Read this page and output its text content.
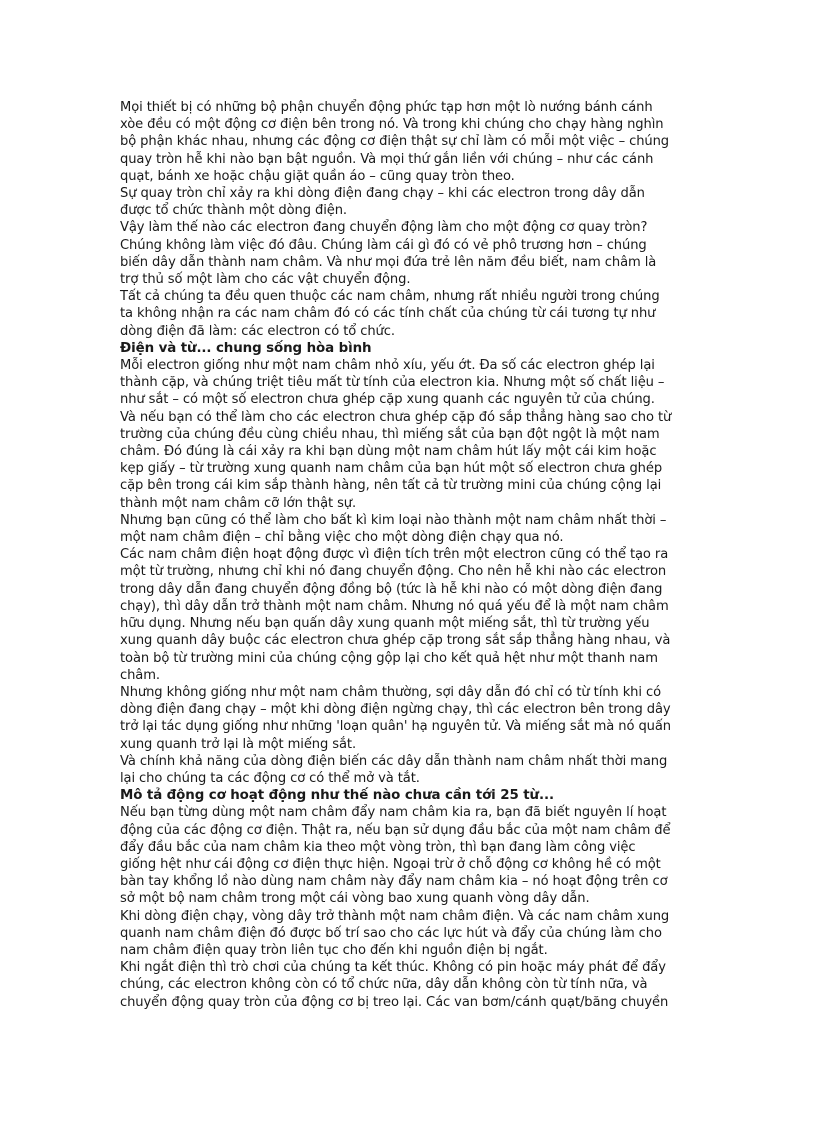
Mọi thiết bị có những bộ phận chuyển động phức tạp hơn một lò nướng bánh cánh
xòe đều có một động cơ điện bên trong nó. Và trong khi chúng cho chạy hàng nghìn
bộ phận khác nhau, nhưng các động cơ điện thật sự chỉ làm có mỗi một việc – chúng
quay tròn hễ khi nào bạn bật nguồn. Và mọi thứ gắn liền với chúng – như các cánh
quạt, bánh xe hoặc chậu giặt quần áo – cũng quay tròn theo.
Sự quay tròn chỉ xảy ra khi dòng điện đang chạy – khi các electron trong dây dẫn
được tổ chức thành một dòng điện.
Vậy làm thế nào các electron đang chuyển động làm cho một động cơ quay tròn?
Chúng không làm việc đó đâu. Chúng làm cái gì đó có vẻ phô trương hơn – chúng
biến dây dẫn thành nam châm. Và như mọi đứa trẻ lên năm đều biết, nam châm là
trợ thủ số một làm cho các vật chuyển động.
Tất cả chúng ta đều quen thuộc các nam châm, nhưng rất nhiều người trong chúng
ta không nhận ra các nam châm đó có các tính chất của chúng từ cái tương tự như
dòng điện đã làm: các electron có tổ chức.
Điện và từ... chung sống hòa bình
Mỗi electron giống như một nam châm nhỏ xíu, yếu ớt. Đa số các electron ghép lại
thành cặp, và chúng triệt tiêu mất từ tính của electron kia. Nhưng một số chất liệu –
như sắt – có một số electron chưa ghép cặp xung quanh các nguyên tử của chúng.
Và nếu bạn có thể làm cho các electron chưa ghép cặp đó sắp thẳng hàng sao cho từ
trường của chúng đều cùng chiều nhau, thì miếng sắt của bạn đột ngột là một nam
châm. Đó đúng là cái xảy ra khi bạn dùng một nam châm hút lấy một cái kim hoặc
kẹp giấy – từ trường xung quanh nam châm của bạn hút một số electron chưa ghép
cặp bên trong cái kim sắp thành hàng, nên tất cả từ trường mini của chúng cộng lại
thành một nam châm cỡ lớn thật sự.
Nhưng bạn cũng có thể làm cho bất kì kim loại nào thành một nam châm nhất thời –
một nam châm điện – chỉ bằng việc cho một dòng điện chạy qua nó.
Các nam châm điện hoạt động được vì điện tích trên một electron cũng có thể tạo ra
một từ trường, nhưng chỉ khi nó đang chuyển động. Cho nên hễ khi nào các electron
trong dây dẫn đang chuyển động đồng bộ (tức là hễ khi nào có một dòng điện đang
chạy), thì dây dẫn trở thành một nam châm. Nhưng nó quá yếu để là một nam châm
hữu dụng. Nhưng nếu bạn quấn dây xung quanh một miếng sắt, thì từ trường yếu
xung quanh dây buộc các electron chưa ghép cặp trong sắt sắp thẳng hàng nhau, và
toàn bộ từ trường mini của chúng cộng gộp lại cho kết quả hệt như một thanh nam
châm.
Nhưng không giống như một nam châm thường, sợi dây dẫn đó chỉ có từ tính khi có
dòng điện đang chạy – một khi dòng điện ngừng chạy, thì các electron bên trong dây
trở lại tác dụng giống như những 'loạn quân' hạ nguyên tử. Và miếng sắt mà nó quấn
xung quanh trở lại là một miếng sắt.
Và chính khả năng của dòng điện biến các dây dẫn thành nam châm nhất thời mang
lại cho chúng ta các động cơ có thể mở và tắt.
Mô tả động cơ hoạt động như thế nào chưa cần tới 25 từ...
Nếu bạn từng dùng một nam châm đẩy nam châm kia ra, bạn đã biết nguyên lí hoạt
động của các động cơ điện. Thật ra, nếu bạn sử dụng đầu bắc của một nam châm để
đẩy đầu bắc của nam châm kia theo một vòng tròn, thì bạn đang làm công việc
giống hệt như cái động cơ điện thực hiện. Ngoại trừ ở chỗ động cơ không hề có một
bàn tay khổng lồ nào dùng nam châm này đẩy nam châm kia – nó hoạt động trên cơ
sở một bộ nam châm trong một cái vòng bao xung quanh vòng dây dẫn.
Khi dòng điện chạy, vòng dây trở thành một nam châm điện. Và các nam châm xung
quanh nam châm điện đó được bố trí sao cho các lực hút và đẩy của chúng làm cho
nam châm điện quay tròn liên tục cho đến khi nguồn điện bị ngắt.
Khi ngắt điện thì trò chơi của chúng ta kết thúc. Không có pin hoặc máy phát để đẩy
chúng, các electron không còn có tổ chức nữa, dây dẫn không còn từ tính nữa, và
chuyển động quay tròn của động cơ bị treo lại. Các van bơm/cánh quạt/băng chuyền
